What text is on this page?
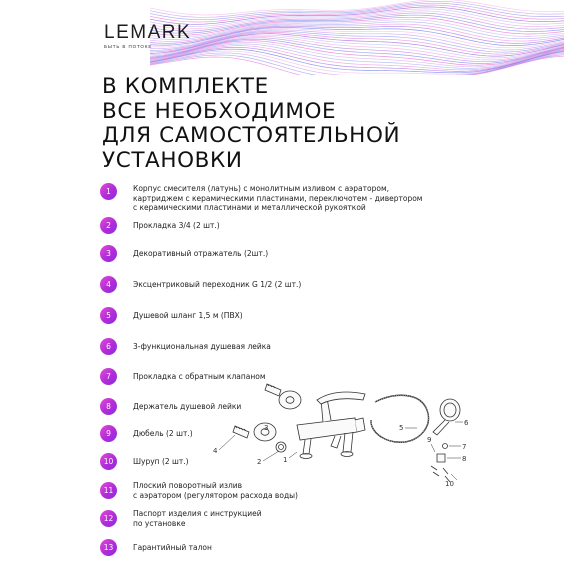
LEMARK
БЫТЬ В ПОТОКЕ
В КОМПЛЕКТЕ
ВСЕ НЕОБХОДИМОЕ
ДЛЯ САМОСТОЯТЕЛЬНОЙ
УСТАНОВКИ
1	Корпус смесителя (латунь) с монолитным изливом с аэратором,
картриджем с керамическими пластинами, переключотем - дивертором
с керамическими пластинами и металлической рукояткой
2	Прокладка 3/4 (2 шт.)
3	Декоративный отражатель (2шт.)
4	Эксцентриковый переходник G 1/2 (2 шт.)
5	Душевой шланг 1,5 м (ПВХ)
6	3-функциональная душевая лейка
7	Прокладка с обратным клапаном
8	Держатель душевой лейки
9	Дюбель (2 шт.)
10	Шуруп (2 шт.)
11
Плоский поворотный излив
с аэратором (регулятором расхода воды)
12
Паспорт изделия с инструкцией
по установке
13	Гарантийный талон
4
2	1
5
6
7
8
9
10
3
